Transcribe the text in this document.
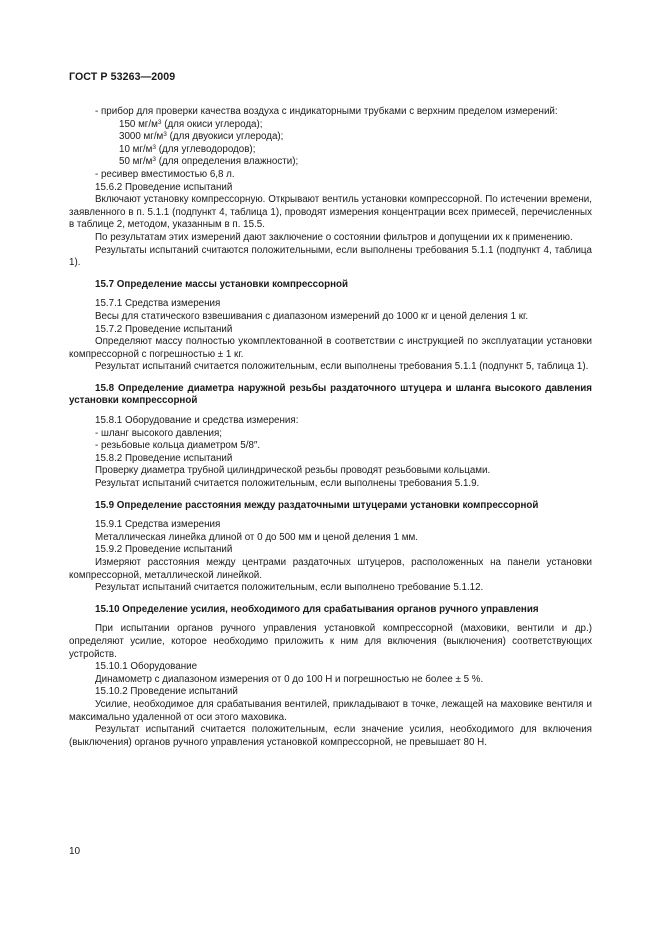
ГОСТ Р 53263—2009

- прибор для проверки качества воздуха с индикаторными трубками с верхним пределом измерений:

150 $мг/м^3$ (для окиси углерода);

3000 $мг/м^3$ (для двуокиси углерода);

10 $мг/м^3$ (для углеводородов);

50 $мг/м^3$ (для определения влажности);

- ресивер вместимостью 6,8 л.

15.6.2 Проведение испытаний

Включают установку компрессорную. Открывают вентиль установки компрессорной. По истечении времени, заявленного в п. 5.1.1 (подпункт 4, таблица 1), проводят измерения концентрации всех примесей, перечисленных в таблице 2, методом, указанным в п. 15.5.

По результатам этих измерений дают заключение о состоянии фильтров и допущении их к применению.

Результаты испытаний считаются положительными, если выполнены требования 5.1.1 (подпункт 4, таблица 1).

15.7 Определение массы установки компрессорной

15.7.1 Средства измерения

Весы для статического взвешивания с диапазоном измерений до 1000 кг и ценой деления 1 кг.

15.7.2 Проведение испытаний

Определяют массу полностью укомплектованной в соответствии с инструкцией по эксплуатации установки компрессорной с погрешностью ± 1 кг.

Результат испытаний считается положительным, если выполнены требования 5.1.1 (подпункт 5, таблица 1).

15.8 Определение диаметра наружной резьбы раздаточного штуцера и шланга высокого давления установки компрессорной

15.8.1 Оборудование и средства измерения:

- шланг высокого давления;

- резьбовые кольца диаметром 5/8″.

15.8.2 Проведение испытаний

Проверку диаметра трубной цилиндрической резьбы проводят резьбовыми кольцами.

Результат испытаний считается положительным, если выполнены требования 5.1.9.

15.9 Определение расстояния между раздаточными штуцерами установки компрессорной

15.9.1 Средства измерения

Металлическая линейка длиной от 0 до 500 мм и ценой деления 1 мм.

15.9.2 Проведение испытаний

Измеряют расстояния между центрами раздаточных штуцеров, расположенных на панели установки компрессорной, металлической линейкой.

Результат испытаний считается положительным, если выполнено требование 5.1.12.

15.10 Определение усилия, необходимого для срабатывания органов ручного управления

При испытании органов ручного управления установкой компрессорной (маховики, вентили и др.) определяют усилие, которое необходимо приложить к ним для включения (выключения) соответствующих устройств.

15.10.1 Оборудование

Динамометр с диапазоном измерения от 0 до 100 Н и погрешностью не более ± 5 %.

15.10.2 Проведение испытаний

Усилие, необходимое для срабатывания вентилей, прикладывают в точке, лежащей на маховике вентиля и максимально удаленной от оси этого маховика.

Результат испытаний считается положительным, если значение усилия, необходимого для включения (выключения) органов ручного управления установкой компрессорной, не превышает 80 Н.

10
